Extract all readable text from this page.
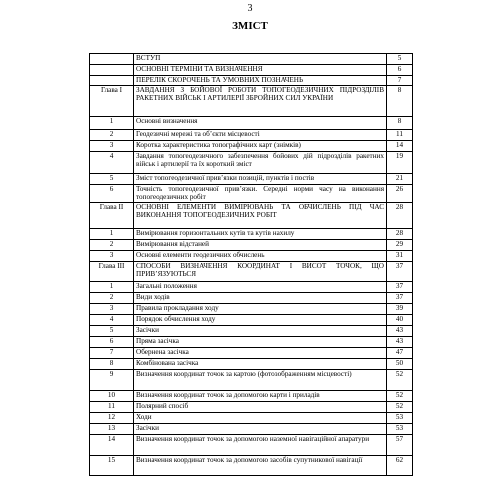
3
ЗМІСТ
	ВСТУП	5
	ОСНОВНІ ТЕРМІНИ ТА ВИЗНАЧЕННЯ	6
	ПЕРЕЛІК СКОРОЧЕНЬ ТА УМОВНИХ ПОЗНАЧЕНЬ	7
Глава І	ЗАВДАННЯ З БОЙОВОЇ РОБОТИ ТОПОГЕОДЕЗИЧНИХ ПІДРОЗДІЛІВ РАКЕТНИХ ВІЙСЬК І АРТИЛЕРІЇ ЗБРОЙНИХ СИЛ УКРАЇНИ	8
1	Основні визначення	8
2	Геодезичні мережі та об’єкти місцевості	11
3	Коротка характеристика топографічних карт (знімків)	14
4	Завдання топогеодезичного забезпечення бойових дій підрозділів ракетних військ і артилерії та їх короткий зміст	19
5	Зміст топогеодезичної прив’язки позицій, пунктів і постів	21
6	Точність топогеодезичної прив’язки. Середні норми часу на виконання топогеодезичних робіт	26
Глава ІІ	ОСНОВНІ ЕЛЕМЕНТИ ВИМІРЮВАНЬ ТА ОБЧИСЛЕНЬ ПІД ЧАС ВИКОНАННЯ ТОПОГЕОДЕЗИЧНИХ РОБІТ	28
1	Вимірювання горизонтальних кутів та кутів нахилу	28
2	Вимірювання відстаней	29
3	Основні елементи геодезичних обчислень	31
Глава ІІІ	СПОСОБИ ВИЗНАЧЕННЯ КООРДИНАТ І ВИСОТ ТОЧОК, ЩО ПРИВ’ЯЗУЮТЬСЯ	37
1	Загальні положення	37
2	Види ходів	37
3	Правила прокладання ходу	39
4	Порядок обчислення ходу	40
5	Засічки	43
6	Пряма засічка	43
7	Обернена засічка	47
8	Комбінована засічка	50
9	Визначення координат точок за картою (фотозображенням місцевості)	52
10	Визначення координат точок за допомогою карти і приладів	52
11	Полярний спосіб	52
12	Ходи	53
13	Засічки	53
14	Визначення координат точок за допомогою наземної навігаційної апаратури	57
15	Визначення координат точок за допомогою засобів супутникової навігації	62
